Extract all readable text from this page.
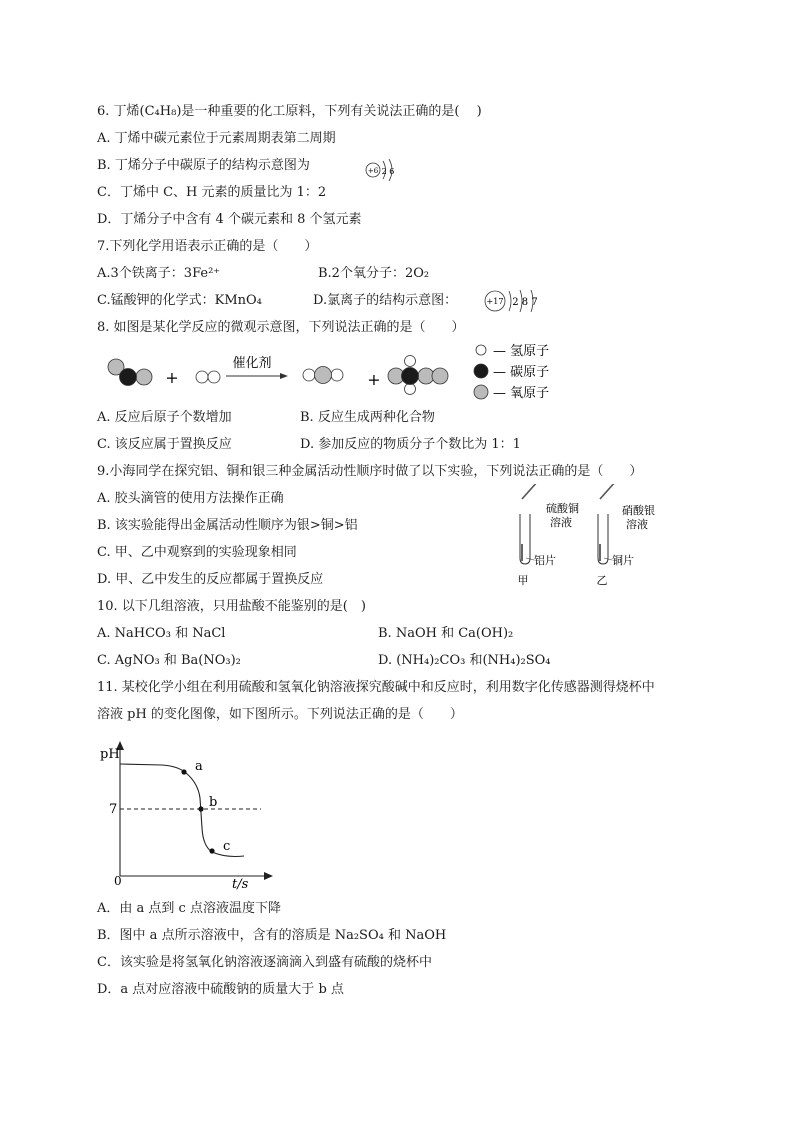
6. 丁烯(C₄H₈)是一种重要的化工原料，下列有关说法正确的是(　 )
A. 丁烯中碳元素位于元素周期表第二周期
B. 丁烯分子中碳原子的结构示意图为	+6 2 6
C．丁烯中 C、H 元素的质量比为 1：2
D．丁烯分子中含有 4 个碳元素和 8 个氢元素
7.下列化学用语表示正确的是（　　）
A.3个铁离子：3Fe²⁺	B.2个氧分子：2O₂
C.锰酸钾的化学式：KMnO₄	D.氯离子的结构示意图：	+17 2 8 7
8. 如图是某化学反应的微观示意图，下列说法正确的是（　　）
+
催化剂
+
— 氢原子
— 碳原子
— 氧原子
A. 反应后原子个数增加	B. 反应生成两种化合物
C. 该反应属于置换反应	D. 参加反应的物质分子个数比为 1：1
9.小海同学在探究铝、铜和银三种金属活动性顺序时做了以下实验，下列说法正确的是（　　）
A. 胶头滴管的使用方法操作正确
B. 该实验能得出金属活动性顺序为银>铜>铝
C. 甲、乙中观察到的实验现象相同
D. 甲、乙中发生的反应都属于置换反应
硫酸铜
溶液
铝片
甲
硝酸银
溶液
铜片
乙
10. 以下几组溶液，只用盐酸不能鉴别的是(　)
A. NaHCO₃ 和 NaCl	B. NaOH 和 Ca(OH)₂
C. AgNO₃ 和 Ba(NO₃)₂	D. (NH₄)₂CO₃ 和(NH₄)₂SO₄
11. 某校化学小组在利用硫酸和氢氧化钠溶液探究酸碱中和反应时，利用数字化传感器测得烧杯中
溶液 pH 的变化图像，如下图所示。下列说法正确的是（　　）
pH
t/s
0
7
a
b
c
A．由 a 点到 c 点溶液温度下降
B．图中 a 点所示溶液中，含有的溶质是 Na₂SO₄ 和 NaOH
C．该实验是将氢氧化钠溶液逐滴滴入到盛有硫酸的烧杯中
D．a 点对应溶液中硫酸钠的质量大于 b 点
